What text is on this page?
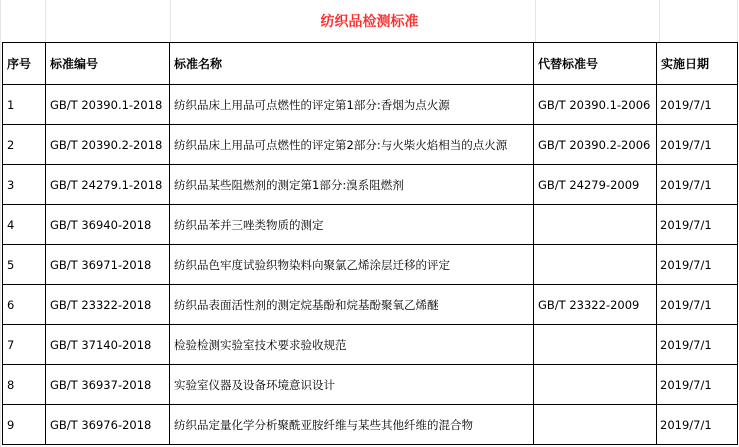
纺织品检测标准
序号	标准编号	标准名称	代替标准号	实施日期
1	GB/T 20390.1-2018	纺织品床上用品可点燃性的评定第1部分:香烟为点火源	GB/T 20390.1-2006	2019/7/1
2	GB/T 20390.2-2018	纺织品床上用品可点燃性的评定第2部分:与火柴火焰相当的点火源	GB/T 20390.2-2006	2019/7/1
3	GB/T 24279.1-2018	纺织品某些阻燃剂的测定第1部分:溴系阻燃剂	GB/T 24279-2009	2019/7/1
4	GB/T 36940-2018	纺织品苯并三唑类物质的测定		2019/7/1
5	GB/T 36971-2018	纺织品色牢度试验织物染料向聚氯乙烯涂层迁移的评定		2019/7/1
6	GB/T 23322-2018	纺织品表面活性剂的测定烷基酚和烷基酚聚氧乙烯醚	GB/T 23322-2009	2019/7/1
7	GB/T 37140-2018	检验检测实验室技术要求验收规范		2019/7/1
8	GB/T 36937-2018	实验室仪器及设备环境意识设计		2019/7/1
9	GB/T 36976-2018	纺织品定量化学分析聚酰亚胺纤维与某些其他纤维的混合物		2019/7/1
